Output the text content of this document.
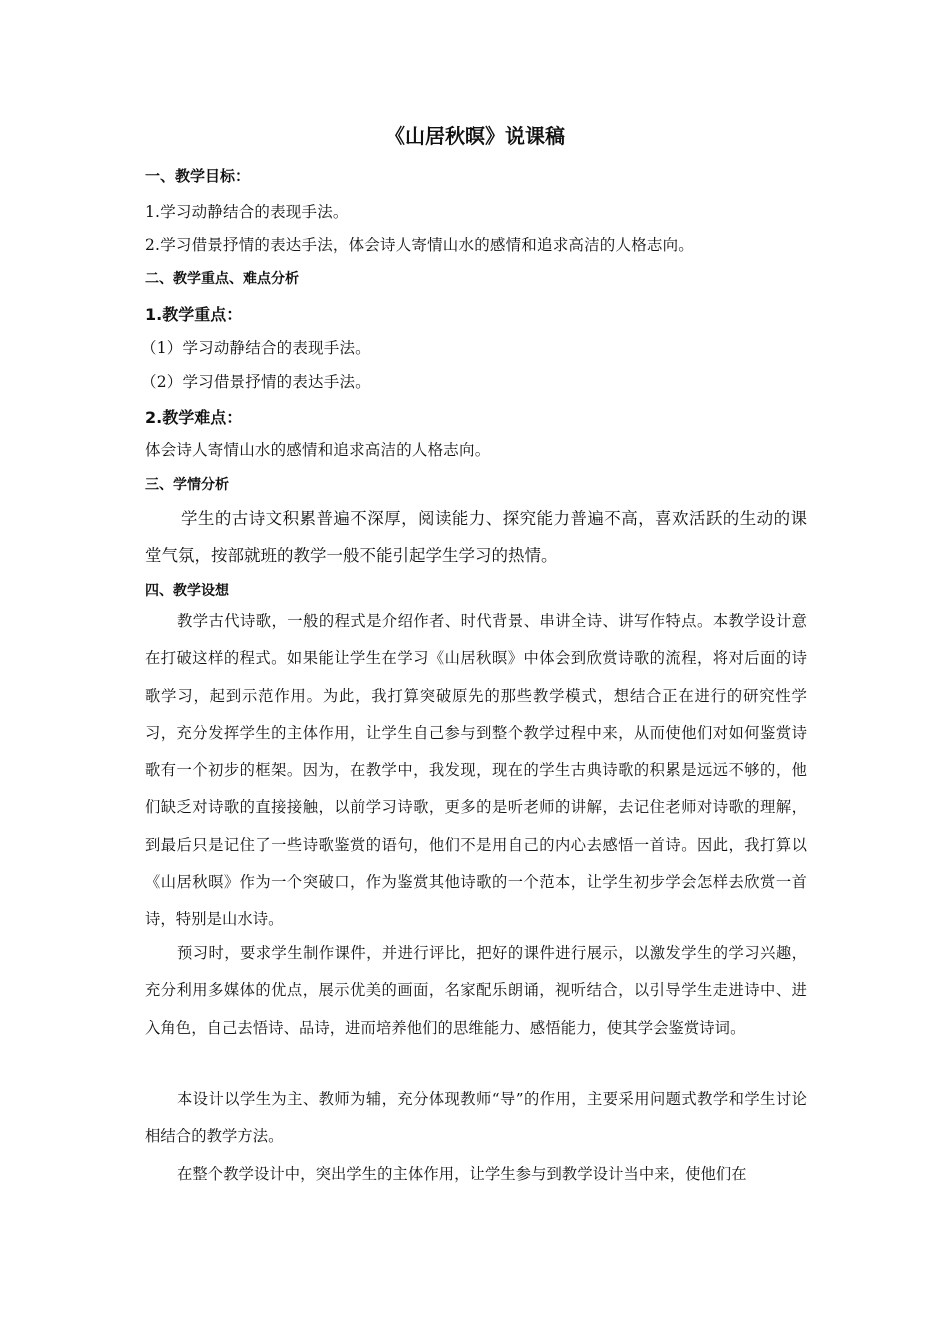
《山居秋暝》说课稿
一、教学目标：
1.学习动静结合的表现手法。
2.学习借景抒情的表达手法，体会诗人寄情山水的感情和追求高洁的人格志向。
二、教学重点、难点分析
1.教学重点：
（1）学习动静结合的表现手法。
（2）学习借景抒情的表达手法。
2.教学难点：
体会诗人寄情山水的感情和追求高洁的人格志向。
三、学情分析
学生的古诗文积累普遍不深厚，阅读能力、探究能力普遍不高，喜欢活跃的生动的课堂气氛，按部就班的教学一般不能引起学生学习的热情。
四、教学设想
教学古代诗歌，一般的程式是介绍作者、时代背景、串讲全诗、讲写作特点。本教学设计意在打破这样的程式。如果能让学生在学习《山居秋暝》中体会到欣赏诗歌的流程，将对后面的诗歌学习，起到示范作用。为此，我打算突破原先的那些教学模式，想结合正在进行的研究性学习，充分发挥学生的主体作用，让学生自己参与到整个教学过程中来，从而使他们对如何鉴赏诗歌有一个初步的框架。因为，在教学中，我发现，现在的学生古典诗歌的积累是远远不够的，他们缺乏对诗歌的直接接触，以前学习诗歌，更多的是听老师的讲解，去记住老师对诗歌的理解，到最后只是记住了一些诗歌鉴赏的语句，他们不是用自己的内心去感悟一首诗。因此，我打算以《山居秋暝》作为一个突破口，作为鉴赏其他诗歌的一个范本，让学生初步学会怎样去欣赏一首诗，特别是山水诗。
预习时，要求学生制作课件，并进行评比，把好的课件进行展示，以激发学生的学习兴趣，充分利用多媒体的优点，展示优美的画面，名家配乐朗诵，视听结合，以引导学生走进诗中、进入角色，自己去悟诗、品诗，进而培养他们的思维能力、感悟能力，使其学会鉴赏诗词。
本设计以学生为主、教师为辅，充分体现教师“导”的作用，主要采用问题式教学和学生讨论相结合的教学方法。
在整个教学设计中，突出学生的主体作用，让学生参与到教学设计当中来，使他们在
